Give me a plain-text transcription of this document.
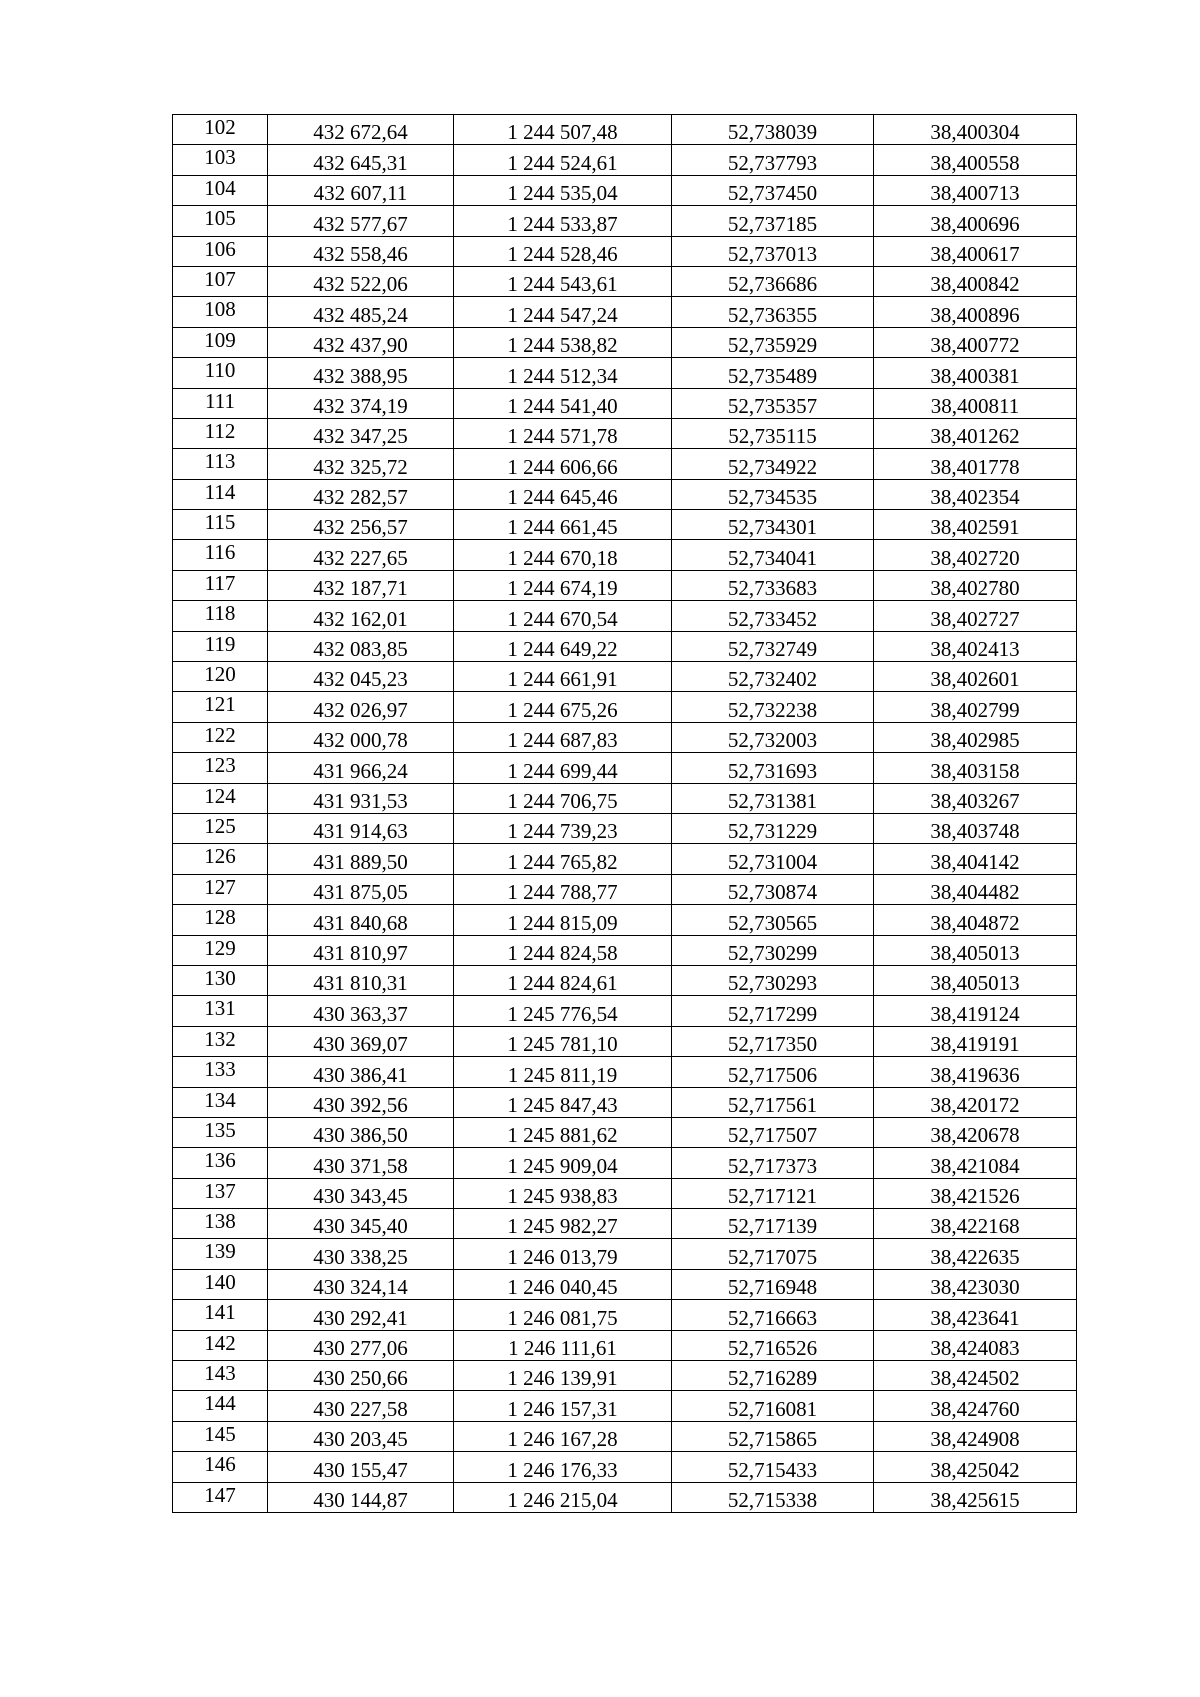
102	432 672,64	1 244 507,48	52,738039	38,400304
103	432 645,31	1 244 524,61	52,737793	38,400558
104	432 607,11	1 244 535,04	52,737450	38,400713
105	432 577,67	1 244 533,87	52,737185	38,400696
106	432 558,46	1 244 528,46	52,737013	38,400617
107	432 522,06	1 244 543,61	52,736686	38,400842
108	432 485,24	1 244 547,24	52,736355	38,400896
109	432 437,90	1 244 538,82	52,735929	38,400772
110	432 388,95	1 244 512,34	52,735489	38,400381
111	432 374,19	1 244 541,40	52,735357	38,400811
112	432 347,25	1 244 571,78	52,735115	38,401262
113	432 325,72	1 244 606,66	52,734922	38,401778
114	432 282,57	1 244 645,46	52,734535	38,402354
115	432 256,57	1 244 661,45	52,734301	38,402591
116	432 227,65	1 244 670,18	52,734041	38,402720
117	432 187,71	1 244 674,19	52,733683	38,402780
118	432 162,01	1 244 670,54	52,733452	38,402727
119	432 083,85	1 244 649,22	52,732749	38,402413
120	432 045,23	1 244 661,91	52,732402	38,402601
121	432 026,97	1 244 675,26	52,732238	38,402799
122	432 000,78	1 244 687,83	52,732003	38,402985
123	431 966,24	1 244 699,44	52,731693	38,403158
124	431 931,53	1 244 706,75	52,731381	38,403267
125	431 914,63	1 244 739,23	52,731229	38,403748
126	431 889,50	1 244 765,82	52,731004	38,404142
127	431 875,05	1 244 788,77	52,730874	38,404482
128	431 840,68	1 244 815,09	52,730565	38,404872
129	431 810,97	1 244 824,58	52,730299	38,405013
130	431 810,31	1 244 824,61	52,730293	38,405013
131	430 363,37	1 245 776,54	52,717299	38,419124
132	430 369,07	1 245 781,10	52,717350	38,419191
133	430 386,41	1 245 811,19	52,717506	38,419636
134	430 392,56	1 245 847,43	52,717561	38,420172
135	430 386,50	1 245 881,62	52,717507	38,420678
136	430 371,58	1 245 909,04	52,717373	38,421084
137	430 343,45	1 245 938,83	52,717121	38,421526
138	430 345,40	1 245 982,27	52,717139	38,422168
139	430 338,25	1 246 013,79	52,717075	38,422635
140	430 324,14	1 246 040,45	52,716948	38,423030
141	430 292,41	1 246 081,75	52,716663	38,423641
142	430 277,06	1 246 111,61	52,716526	38,424083
143	430 250,66	1 246 139,91	52,716289	38,424502
144	430 227,58	1 246 157,31	52,716081	38,424760
145	430 203,45	1 246 167,28	52,715865	38,424908
146	430 155,47	1 246 176,33	52,715433	38,425042
147	430 144,87	1 246 215,04	52,715338	38,425615
